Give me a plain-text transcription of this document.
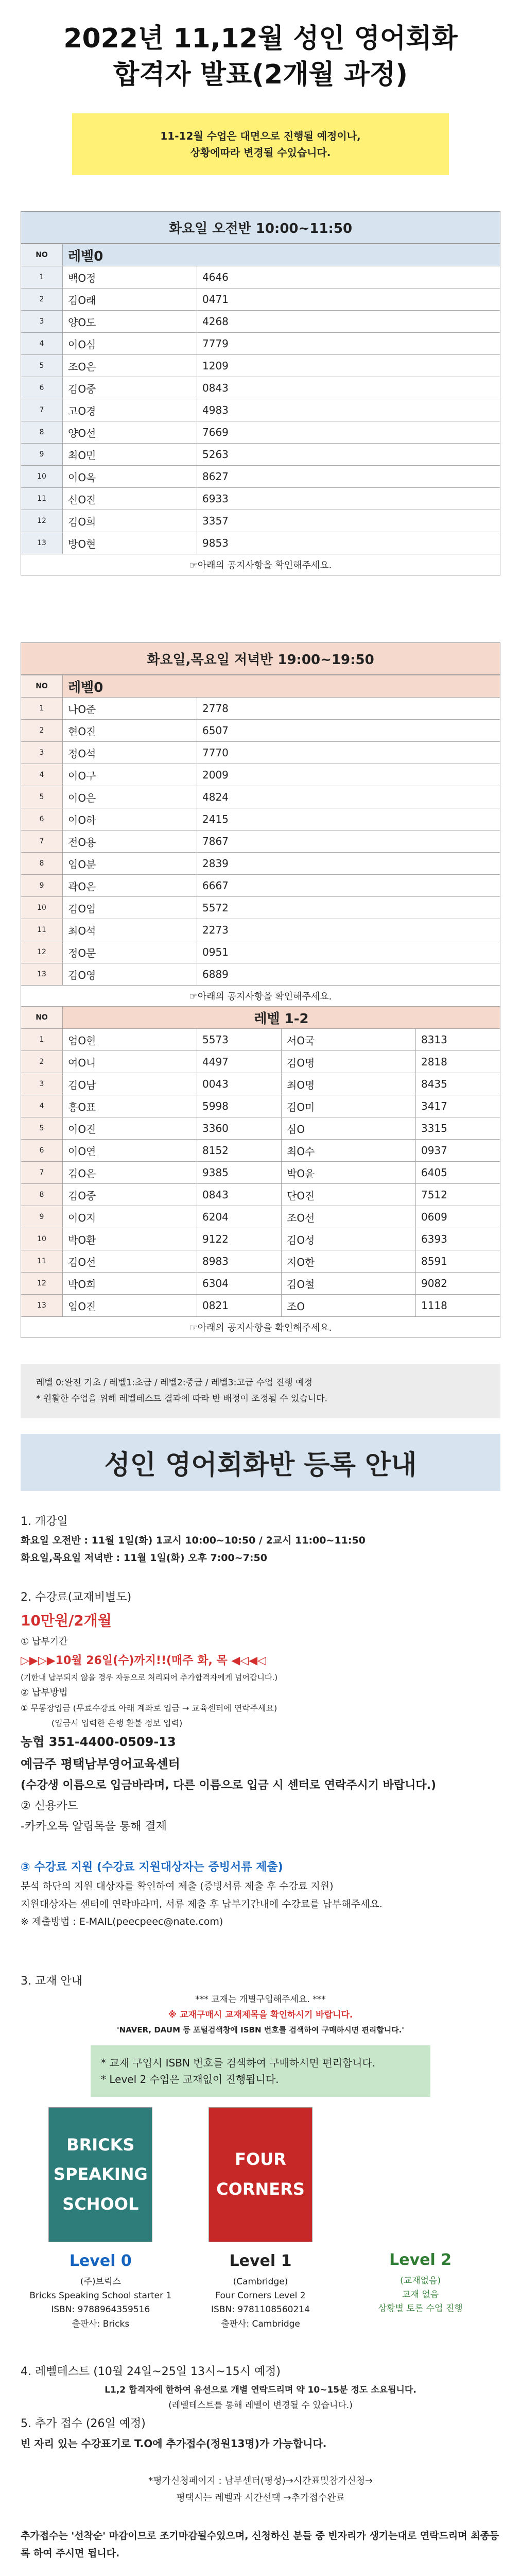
2022년 11,12월 성인 영어회화
합격자 발표(2개월 과정)
11-12월 수업은 대면으로 진행될 예정이나,
상황에따라 변경될 수있습니다.
화요일 오전반 10:00~11:50
NO	레벨0	
1	백O정	4646
2	김O래	0471
3	양O도	4268
4	이O심	7779
5	조O은	1209
6	김O중	0843
7	고O경	4983
8	양O선	7669
9	최O민	5263
10	이O옥	8627
11	신O진	6933
12	김O희	3357
13	방O현	9853
☞아래의 공지사항을 확인해주세요.		
화요일,목요일 저녁반 19:00~19:50
NO	레벨0			
1	나O준	2778		
2	현O진	6507		
3	정O석	7770		
4	이O구	2009		
5	이O은	4824		
6	이O하	2415		
7	전O용	7867		
8	임O분	2839		
9	곽O은	6667		
10	김O임	5572		
11	최O석	2273		
12	정O문	0951		
13	김O영	6889		
☞아래의 공지사항을 확인해주세요.				
NO	레벨 1-2			
1	엄O현	5573	서O국	8313
2	여O니	4497	김O명	2818
3	김O남	0043	최O명	8435
4	홍O표	5998	김O미	3417
5	이O진	3360	심O	3315
6	이O연	8152	최O수	0937
7	김O은	9385	박O윤	6405
8	김O중	0843	단O진	7512
9	이O지	6204	조O선	0609
10	박O환	9122	김O성	6393
11	김O선	8983	지O한	8591
12	박O희	6304	김O철	9082
13	임O진	0821	조O	1118
☞아래의 공지사항을 확인해주세요.				
레벨 0:완전 기초 / 레벨1:초급 / 레벨2:중급 / 레벨3:고급 수업 진행 예정
* 원활한 수업을 위해 레벨테스트 결과에 따라 반 배정이 조정될 수 있습니다.
성인 영어회화반 등록 안내
1. 개강일
화요일 오전반 : 11월 1일(화) 1교시 10:00~10:50 / 2교시 11:00~11:50
화요일,목요일 저녁반 : 11월 1일(화) 오후 7:00~7:50

2. 수강료(교재비별도)
10만원/2개월
① 납부기간
▷▶▷▶10월 26일(수)까지!!(매주 화, 목 ◀◁◀◁
(기한내 납부되지 않을 경우 자동으로 처리되어 추가합격자에게 넘어갑니다.)
② 납부방법
① 무통장입금 (무료수강료 아래 계좌로 입금 → 교육센터에 연락주세요)
(입금시 입력한 은행 환불 정보 입력)
농협 351-4400-0509-13
예금주 평택남부영어교육센터
(수강생 이름으로 입금바라며, 다른 이름으로 입금 시 센터로 연락주시기 바랍니다.)
② 신용카드
-카카오톡 알림톡을 통해 결제

③ 수강료 지원 (수강료 지원대상자는 증빙서류 제출)
분석 하단의 지원 대상자를 확인하여 제출 (증빙서류 제출 후 수강료 지원)
지원대상자는 센터에 연락바라며, 서류 제출 후 납부기간내에 수강료를 납부해주세요.
※ 제출방법 : E-MAIL(peecpeec@nate.com)

3. 교재 안내
*** 교재는 개별구입해주세요. ***
※ 교재구매시 교재제목을 확인하시기 바랍니다.
'NAVER, DAUM 등 포털검색창에 ISBN 번호를 검색하여 구매하시면 편리합니다.'
* 교재 구입시 ISBN 번호를 검색하여 구매하시면 편리합니다.
* Level 2 수업은 교재없이 진행됩니다.
BRICKS SPEAKING SCHOOL
Level 0
(주)브릭스
Bricks Speaking School starter 1
ISBN: 9788964359516
출판사: Bricks
FOUR CORNERS
Level 1
(Cambridge)
Four Corners Level 2
ISBN: 9781108560214
출판사: Cambridge
Level 2
(교재없음)
교재 없음
상황별 토론 수업 진행

4. 레벨테스트 (10월 24일~25일 13시~15시 예정)
L1,2 합격자에 한하여 유선으로 개별 연락드리며 약 10~15분 정도 소요됩니다.
(레벨테스트를 통해 레벨이 변경될 수 있습니다.)
5. 추가 접수 (26일 예정)
빈 자리 있는 수강표기로 T.O에 추가접수(정원13명)가 가능합니다.

*평가신청페이지 : 남부센터(평성)→시간표및참가신청→
평택시는 레벨과 시간선택 →추가접수완료

추가접수는 '선착순' 마감이므로 조기마감될수있으며, 신청하신 분들 중 빈자리가 생기는대로 연락드리며 최종등록 하여 주시면 됩니다.
